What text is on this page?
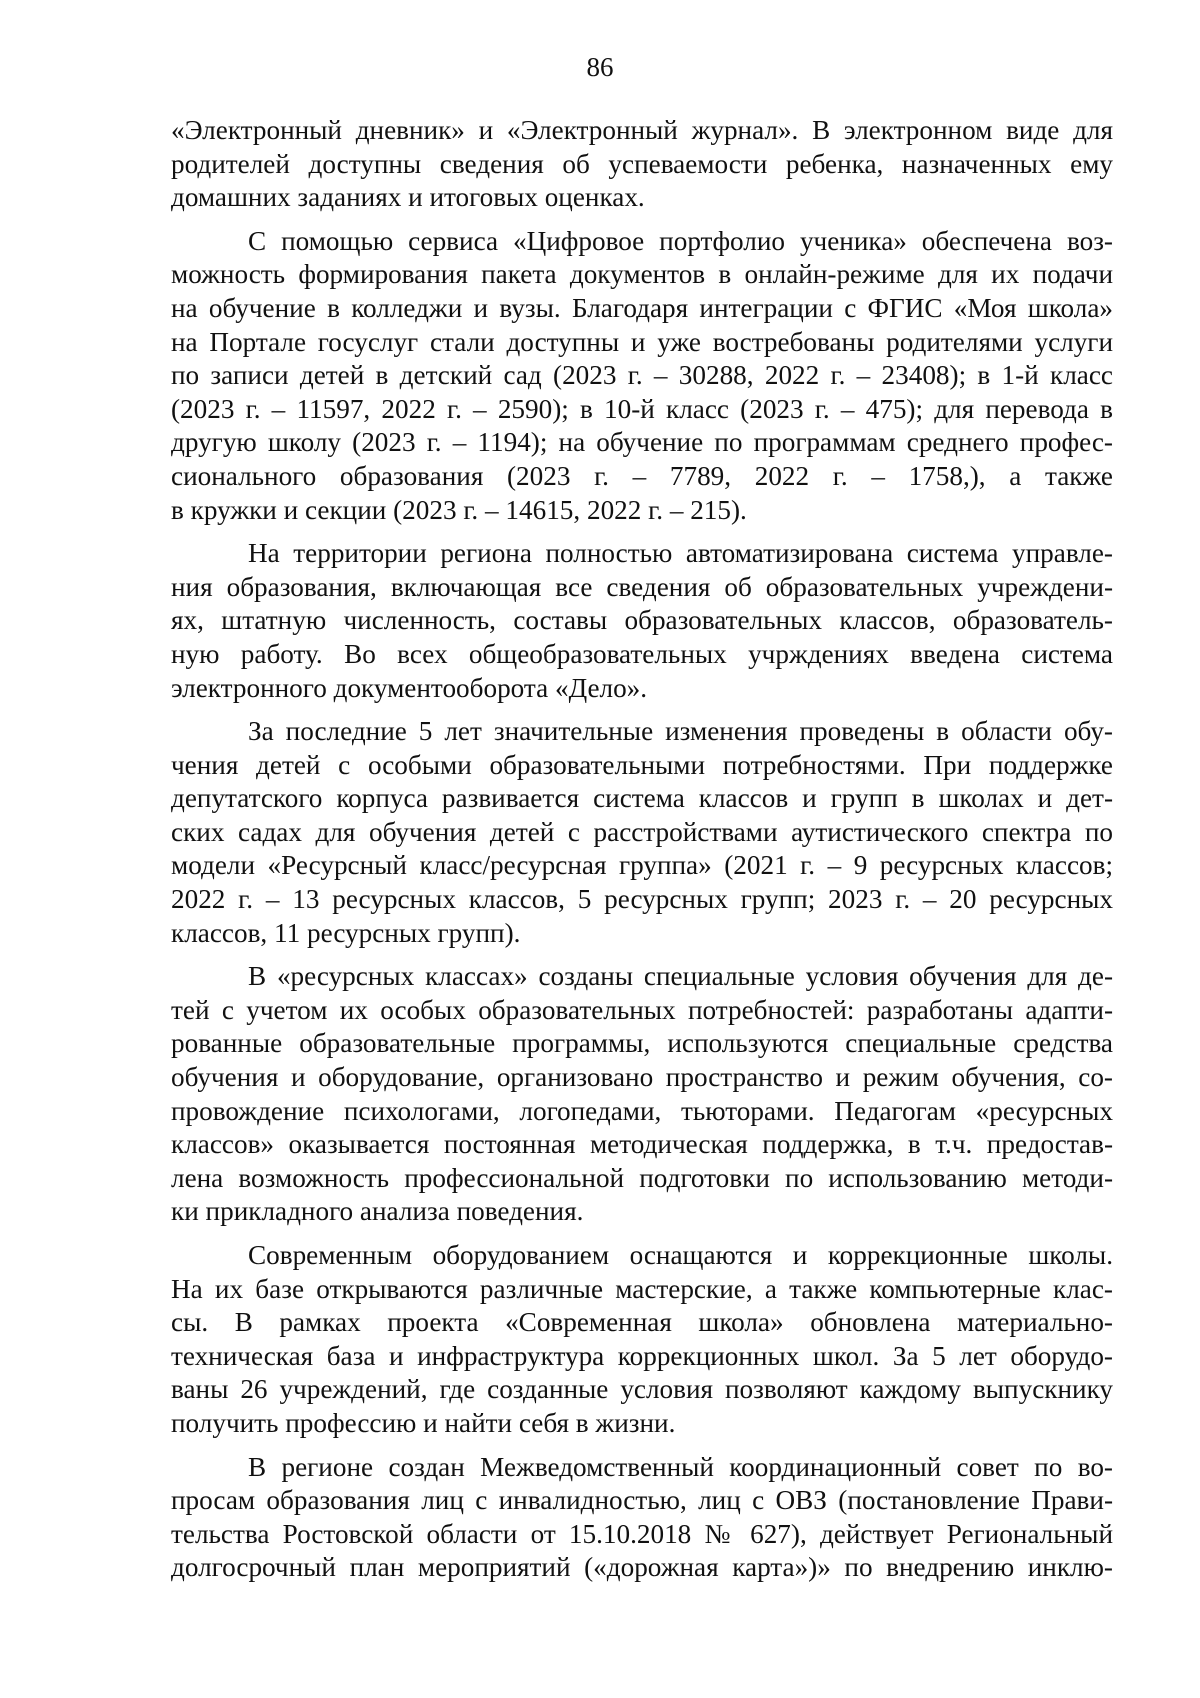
86
«Электронный дневник» и «Электронный журнал». В электронном виде для
родителей доступны сведения об успеваемости ребенка, назначенных ему
домашних заданиях и итоговых оценках.
С помощью сервиса «Цифровое портфолио ученика» обеспечена воз-
можность формирования пакета документов в онлайн-режиме для их подачи
на обучение в колледжи и вузы. Благодаря интеграции с ФГИС «Моя школа»
на Портале госуслуг стали доступны и уже востребованы родителями услуги
по записи детей в детский сад (2023 г. – 30288, 2022 г. – 23408); в 1-й класс
(2023 г. – 11597, 2022 г. – 2590); в 10-й класс (2023 г. – 475); для перевода в
другую школу (2023 г. – 1194); на обучение по программам среднего профес-
сионального образования (2023 г. – 7789, 2022 г. – 1758,), а также
в кружки и секции (2023 г. – 14615, 2022 г. – 215).
На территории региона полностью автоматизирована система управле-
ния образования, включающая все сведения об образовательных учреждени-
ях, штатную численность, составы образовательных классов, образователь-
ную работу. Во всех общеобразовательных учрждениях введена система
электронного документооборота «Дело».
За последние 5 лет значительные изменения проведены в области обу-
чения детей с особыми образовательными потребностями. При поддержке
депутатского корпуса развивается система классов и групп в школах и дет-
ских садах для обучения детей с расстройствами аутистического спектра по
модели «Ресурсный класс/ресурсная группа» (2021 г. – 9 ресурсных классов;
2022 г. – 13 ресурсных классов, 5 ресурсных групп; 2023 г. – 20 ресурсных
классов, 11 ресурсных групп).
В «ресурсных классах» созданы специальные условия обучения для де-
тей с учетом их особых образовательных потребностей: разработаны адапти-
рованные образовательные программы, используются специальные средства
обучения и оборудование, организовано пространство и режим обучения, со-
провождение психологами, логопедами, тьюторами. Педагогам «ресурсных
классов» оказывается постоянная методическая поддержка, в т.ч. предостав-
лена возможность профессиональной подготовки по использованию методи-
ки прикладного анализа поведения.
Современным оборудованием оснащаются и коррекционные школы.
На их базе открываются различные мастерские, а также компьютерные клас-
сы. В рамках проекта «Современная школа» обновлена материально-
техническая база и инфраструктура коррекционных школ. За 5 лет оборудо-
ваны 26 учреждений, где созданные условия позволяют каждому выпускнику
получить профессию и найти себя в жизни.
В регионе создан Межведомственный координационный совет по во-
просам образования лиц с инвалидностью, лиц с ОВЗ (постановление Прави-
тельства Ростовской области от 15.10.2018 № 627), действует Региональный
долгосрочный план мероприятий («дорожная карта»)» по внедрению инклю-
